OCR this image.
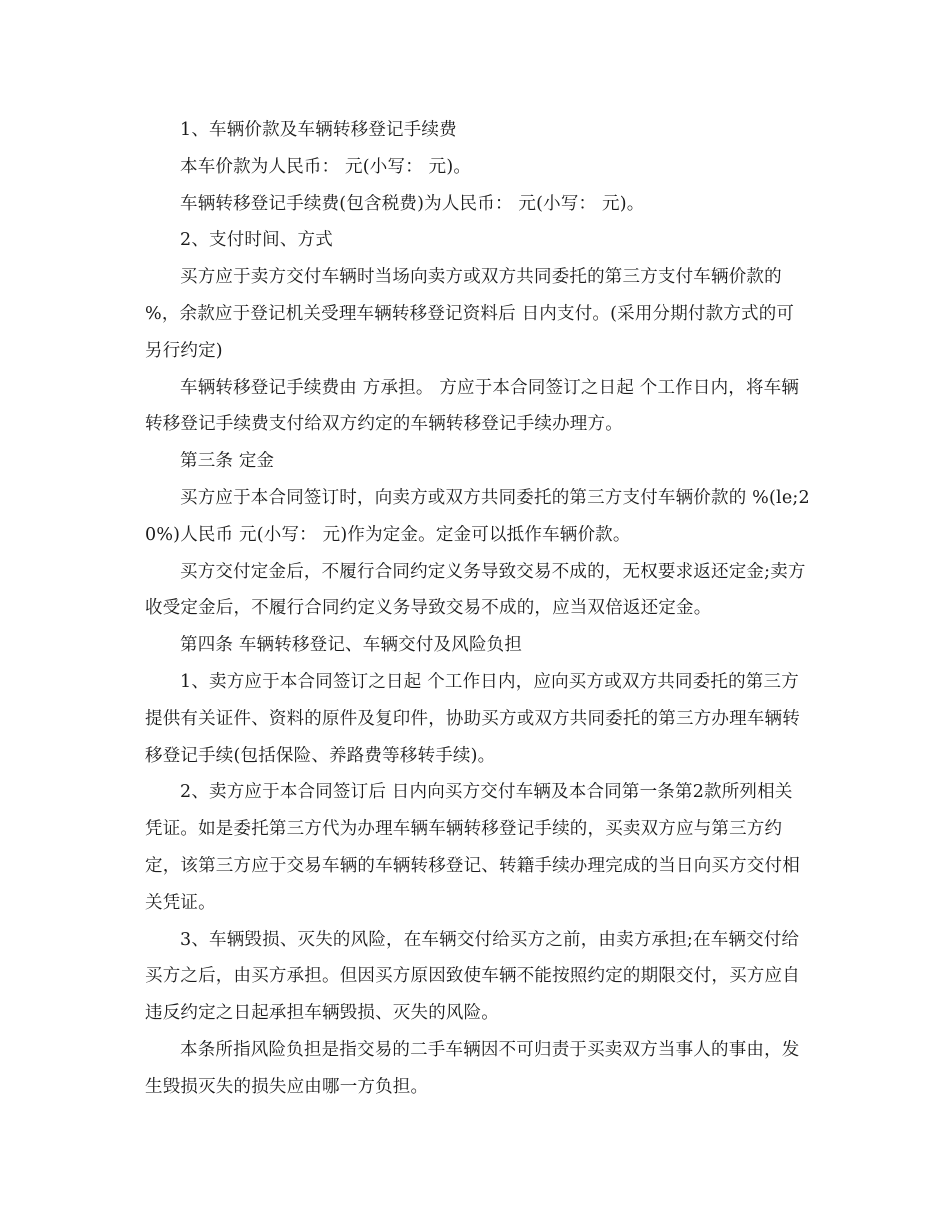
1、车辆价款及车辆转移登记手续费

本车价款为人民币： 元(小写： 元)。

车辆转移登记手续费(包含税费)为人民币： 元(小写： 元)。

2、支付时间、方式

买方应于卖方交付车辆时当场向卖方或双方共同委托的第三方支付车辆价款的 %，余款应于登记机关受理车辆转移登记资料后 日内支付。(采用分期付款方式的可另行约定)

车辆转移登记手续费由 方承担。 方应于本合同签订之日起 个工作日内，将车辆转移登记手续费支付给双方约定的车辆转移登记手续办理方。

第三条 定金

买方应于本合同签订时，向卖方或双方共同委托的第三方支付车辆价款的 %(le;20%)人民币 元(小写： 元)作为定金。定金可以抵作车辆价款。

买方交付定金后，不履行合同约定义务导致交易不成的，无权要求返还定金;卖方收受定金后，不履行合同约定义务导致交易不成的，应当双倍返还定金。

第四条 车辆转移登记、车辆交付及风险负担

1、卖方应于本合同签订之日起 个工作日内，应向买方或双方共同委托的第三方提供有关证件、资料的原件及复印件，协助买方或双方共同委托的第三方办理车辆转移登记手续(包括保险、养路费等移转手续)。

2、卖方应于本合同签订后 日内向买方交付车辆及本合同第一条第2款所列相关凭证。如是委托第三方代为办理车辆车辆转移登记手续的，买卖双方应与第三方约定，该第三方应于交易车辆的车辆转移登记、转籍手续办理完成的当日向买方交付相关凭证。

3、车辆毁损、灭失的风险，在车辆交付给买方之前，由卖方承担;在车辆交付给买方之后，由买方承担。但因买方原因致使车辆不能按照约定的期限交付，买方应自违反约定之日起承担车辆毁损、灭失的风险。

本条所指风险负担是指交易的二手车辆因不可归责于买卖双方当事人的事由，发生毁损灭失的损失应由哪一方负担。
